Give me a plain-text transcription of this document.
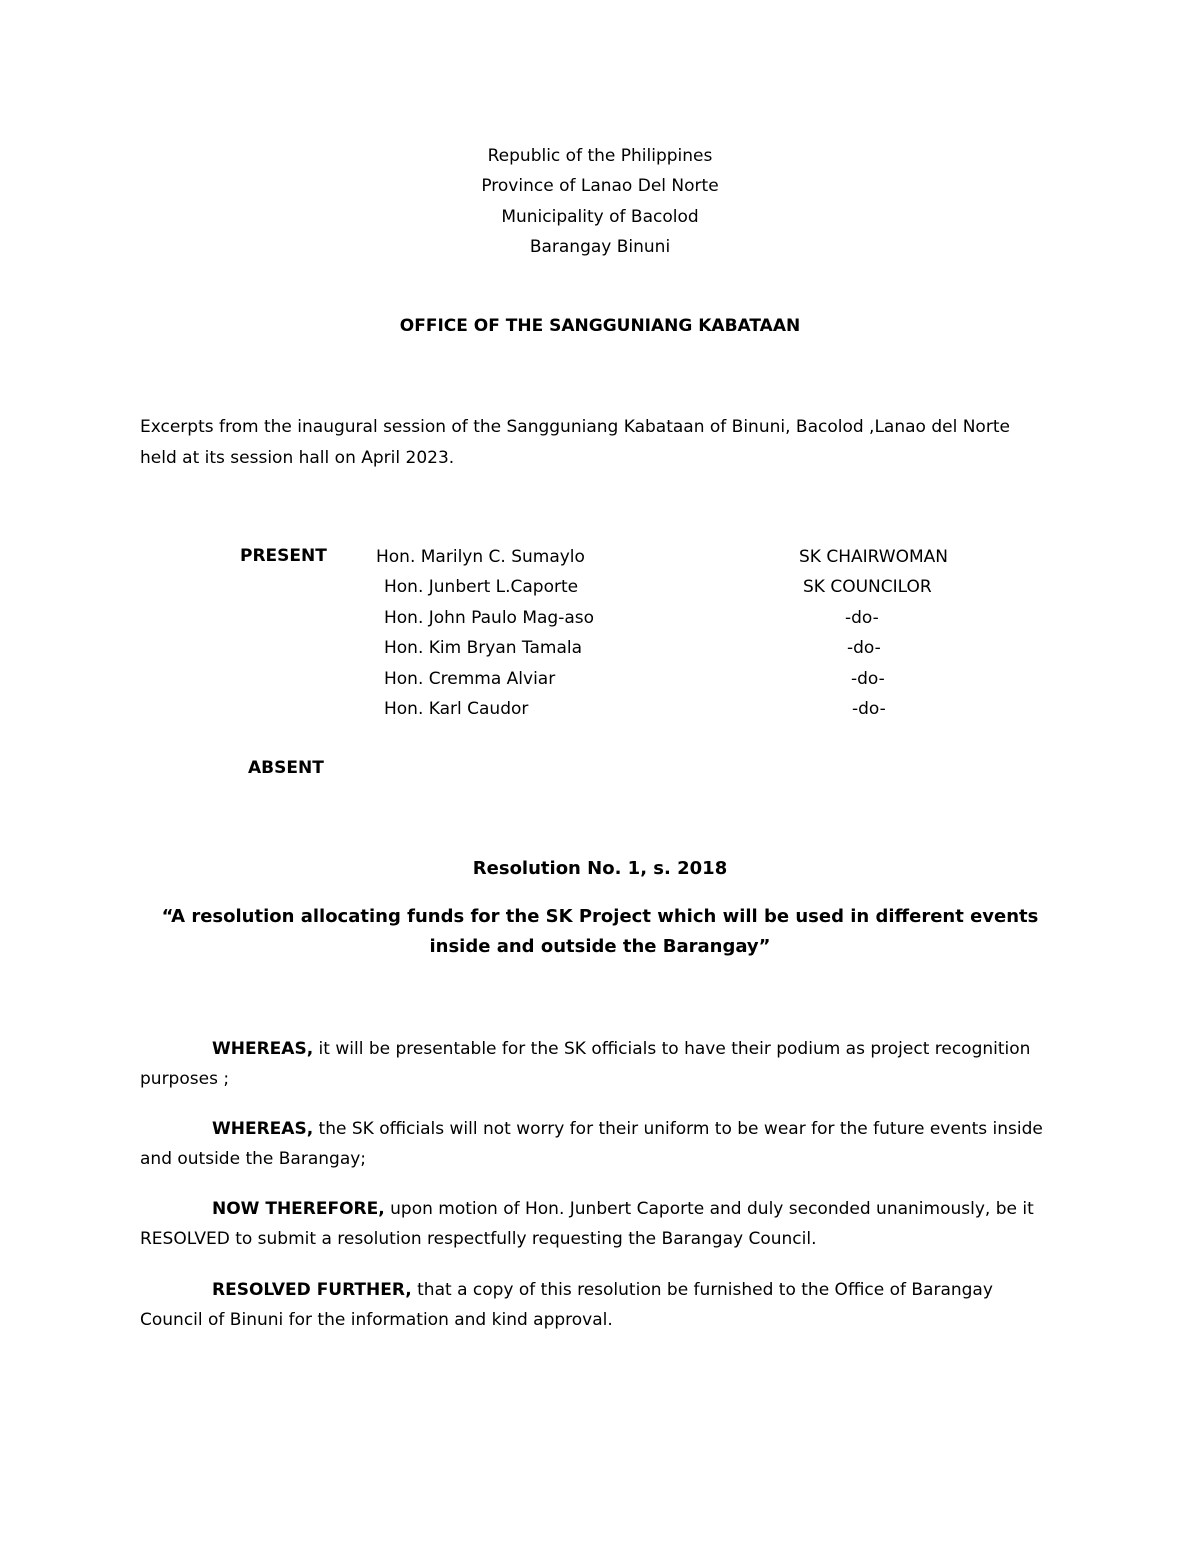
Republic of the Philippines
Province of Lanao Del Norte
Municipality of Bacolod
Barangay Binuni
OFFICE OF THE SANGGUNIANG KABATAAN
Excerpts from the inaugural session of the Sangguniang Kabataan of Binuni, Bacolod ,Lanao del Norte
held at its session hall on April 2023.
PRESENT	Hon. Marilyn C. Sumaylo	SK CHAIRWOMAN
Hon. Junbert L.Caporte	SK COUNCILOR
Hon. John Paulo Mag-aso	-do-
Hon. Kim Bryan Tamala	-do-
Hon. Cremma Alviar	-do-
Hon. Karl Caudor	-do-
ABSENT
Resolution No. 1, s. 2018
“A resolution allocating funds for the SK Project which will be used in different events inside and outside the Barangay”
WHEREAS, it will be presentable for the SK officials to have their podium as project recognition purposes ;
WHEREAS, the SK officials will not worry for their uniform to be wear for the future events inside and outside the Barangay;
NOW THEREFORE, upon motion of Hon. Junbert Caporte and duly seconded unanimously, be it RESOLVED to submit a resolution respectfully requesting the Barangay Council.
RESOLVED FURTHER, that a copy of this resolution be furnished to the Office of Barangay Council of Binuni for the information and kind approval.
